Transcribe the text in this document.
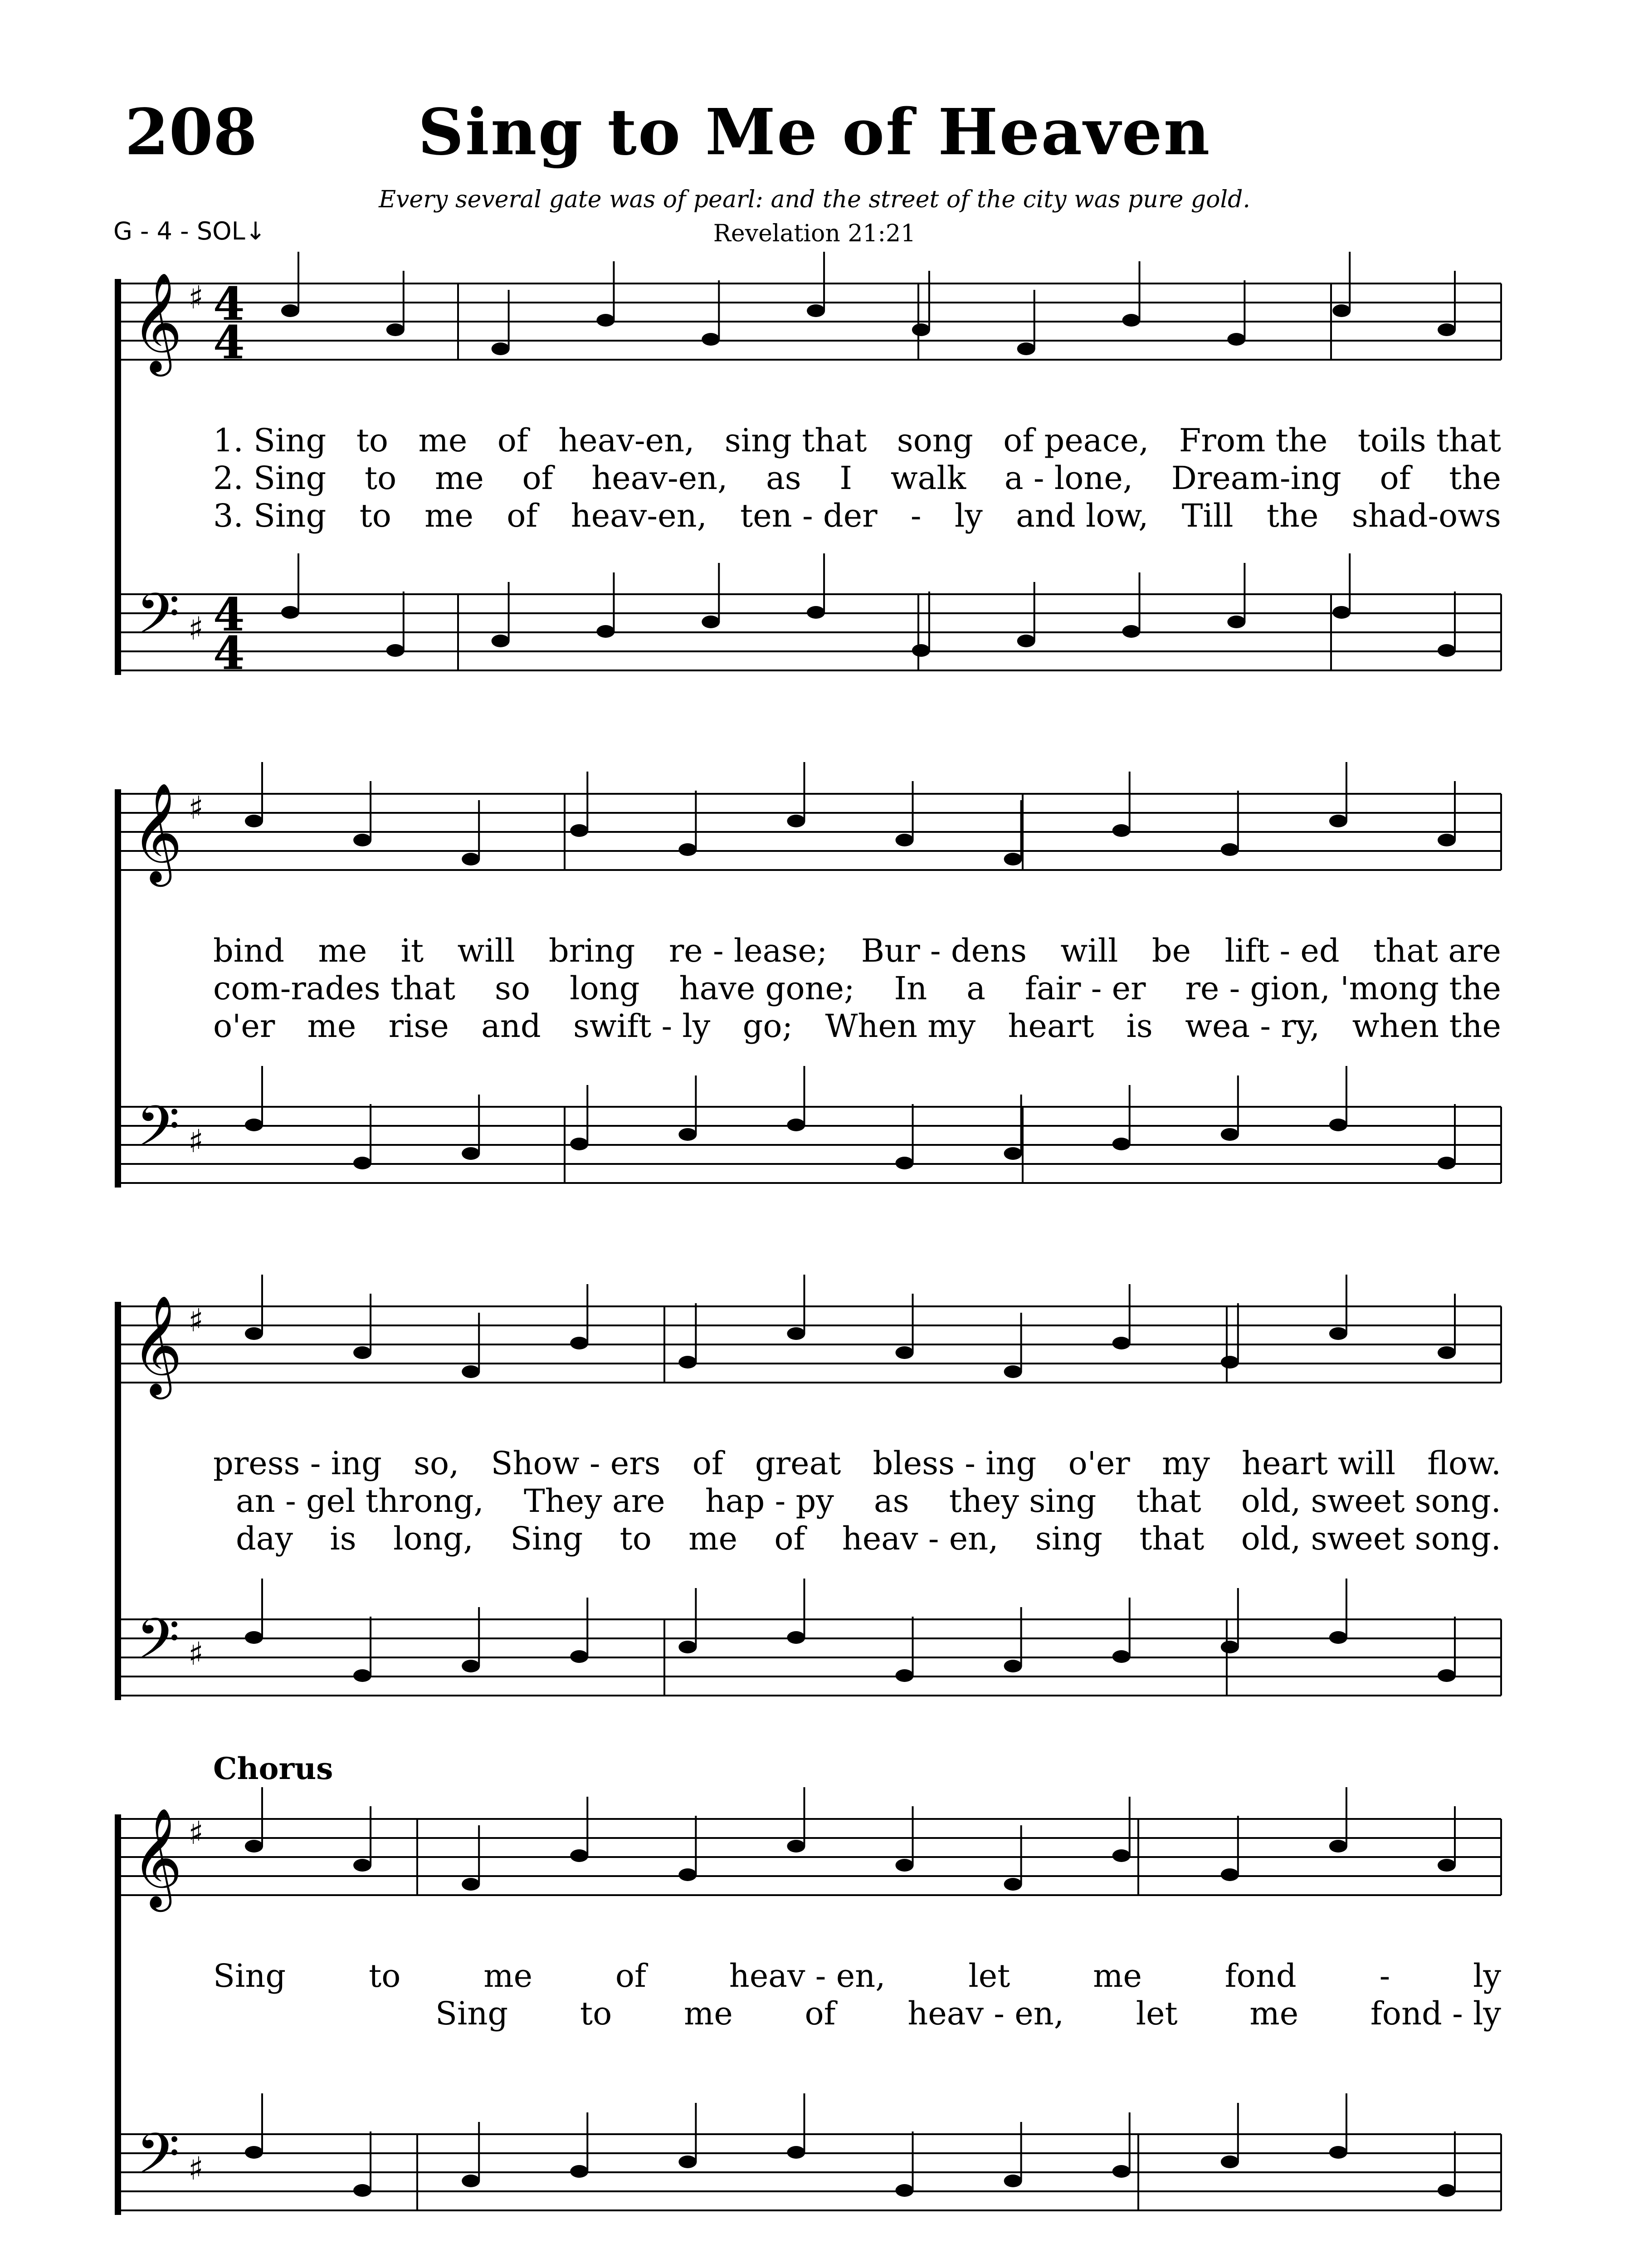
208	Sing to Me of Heaven
Every several gate was of pearl: and the street of the city was pure gold.
Revelation 21:21
G - 4 - SOL↓
𝄞
𝄢
♯
♯
4
4
4
4
𝄞
𝄢
♯
♯
𝄞
𝄢
♯
♯
𝄞
𝄢
♯
♯
1. Sing to me of heav-en, sing that song of peace, From the toils that
2. Sing to me of heav-en, as I walk a - lone, Dream-ing of the
3. Sing to me of heav-en, ten - der - ly and low, Till the shad-ows
bind me it will bring re - lease; Bur - dens will be lift - ed that are
com-rades that so long have gone; In a fair - er re - gion, 'mong the
o'er me rise and swift - ly go; When my heart is wea - ry, when the
press - ing so, Show - ers of great bless - ing o'er my heart will flow.
an - gel throng, They are hap - py as they sing that old, sweet song.
day is long, Sing to me of heav - en, sing that old, sweet song.
Chorus
Sing	to	me	of	heav - en,	let	me	fond	-	ly
Sing to me of heav - en, let me fond - ly
